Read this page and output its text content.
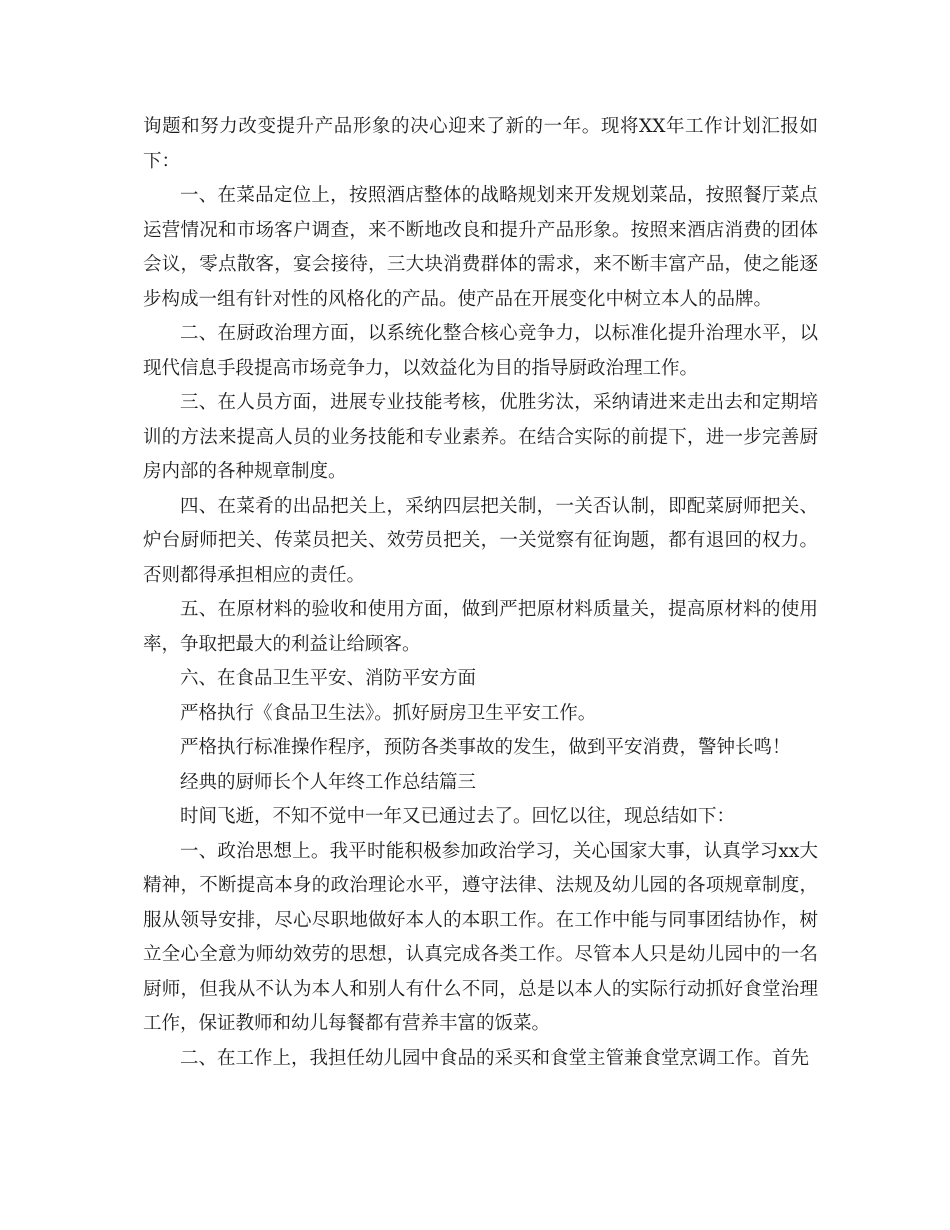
询题和努力改变提升产品形象的决心迎来了新的一年。现将XX年工作计划汇报如下：

一、在菜品定位上，按照酒店整体的战略规划来开发规划菜品，按照餐厅菜点运营情况和市场客户调查，来不断地改良和提升产品形象。按照来酒店消费的团体会议，零点散客，宴会接待，三大块消费群体的需求，来不断丰富产品，使之能逐步构成一组有针对性的风格化的产品。使产品在开展变化中树立本人的品牌。

二、在厨政治理方面，以系统化整合核心竞争力，以标准化提升治理水平，以现代信息手段提高市场竞争力，以效益化为目的指导厨政治理工作。

三、在人员方面，进展专业技能考核，优胜劣汰，采纳请进来走出去和定期培训的方法来提高人员的业务技能和专业素养。在结合实际的前提下，进一步完善厨房内部的各种规章制度。

四、在菜肴的出品把关上，采纳四层把关制，一关否认制，即配菜厨师把关、炉台厨师把关、传菜员把关、效劳员把关，一关觉察有征询题，都有退回的权力。否则都得承担相应的责任。

五、在原材料的验收和使用方面，做到严把原材料质量关，提高原材料的使用率，争取把最大的利益让给顾客。

六、在食品卫生平安、消防平安方面

严格执行《食品卫生法》。抓好厨房卫生平安工作。

严格执行标准操作程序，预防各类事故的发生，做到平安消费，警钟长鸣！

经典的厨师长个人年终工作总结篇三

时间飞逝，不知不觉中一年又已通过去了。回忆以往，现总结如下：

一、政治思想上。我平时能积极参加政治学习，关心国家大事，认真学习xx大精神，不断提高本身的政治理论水平，遵守法律、法规及幼儿园的各项规章制度，服从领导安排，尽心尽职地做好本人的本职工作。在工作中能与同事团结协作，树立全心全意为师幼效劳的思想，认真完成各类工作。尽管本人只是幼儿园中的一名厨师，但我从不认为本人和别人有什么不同，总是以本人的实际行动抓好食堂治理工作，保证教师和幼儿每餐都有营养丰富的饭菜。

二、在工作上，我担任幼儿园中食品的采买和食堂主管兼食堂烹调工作。首先
